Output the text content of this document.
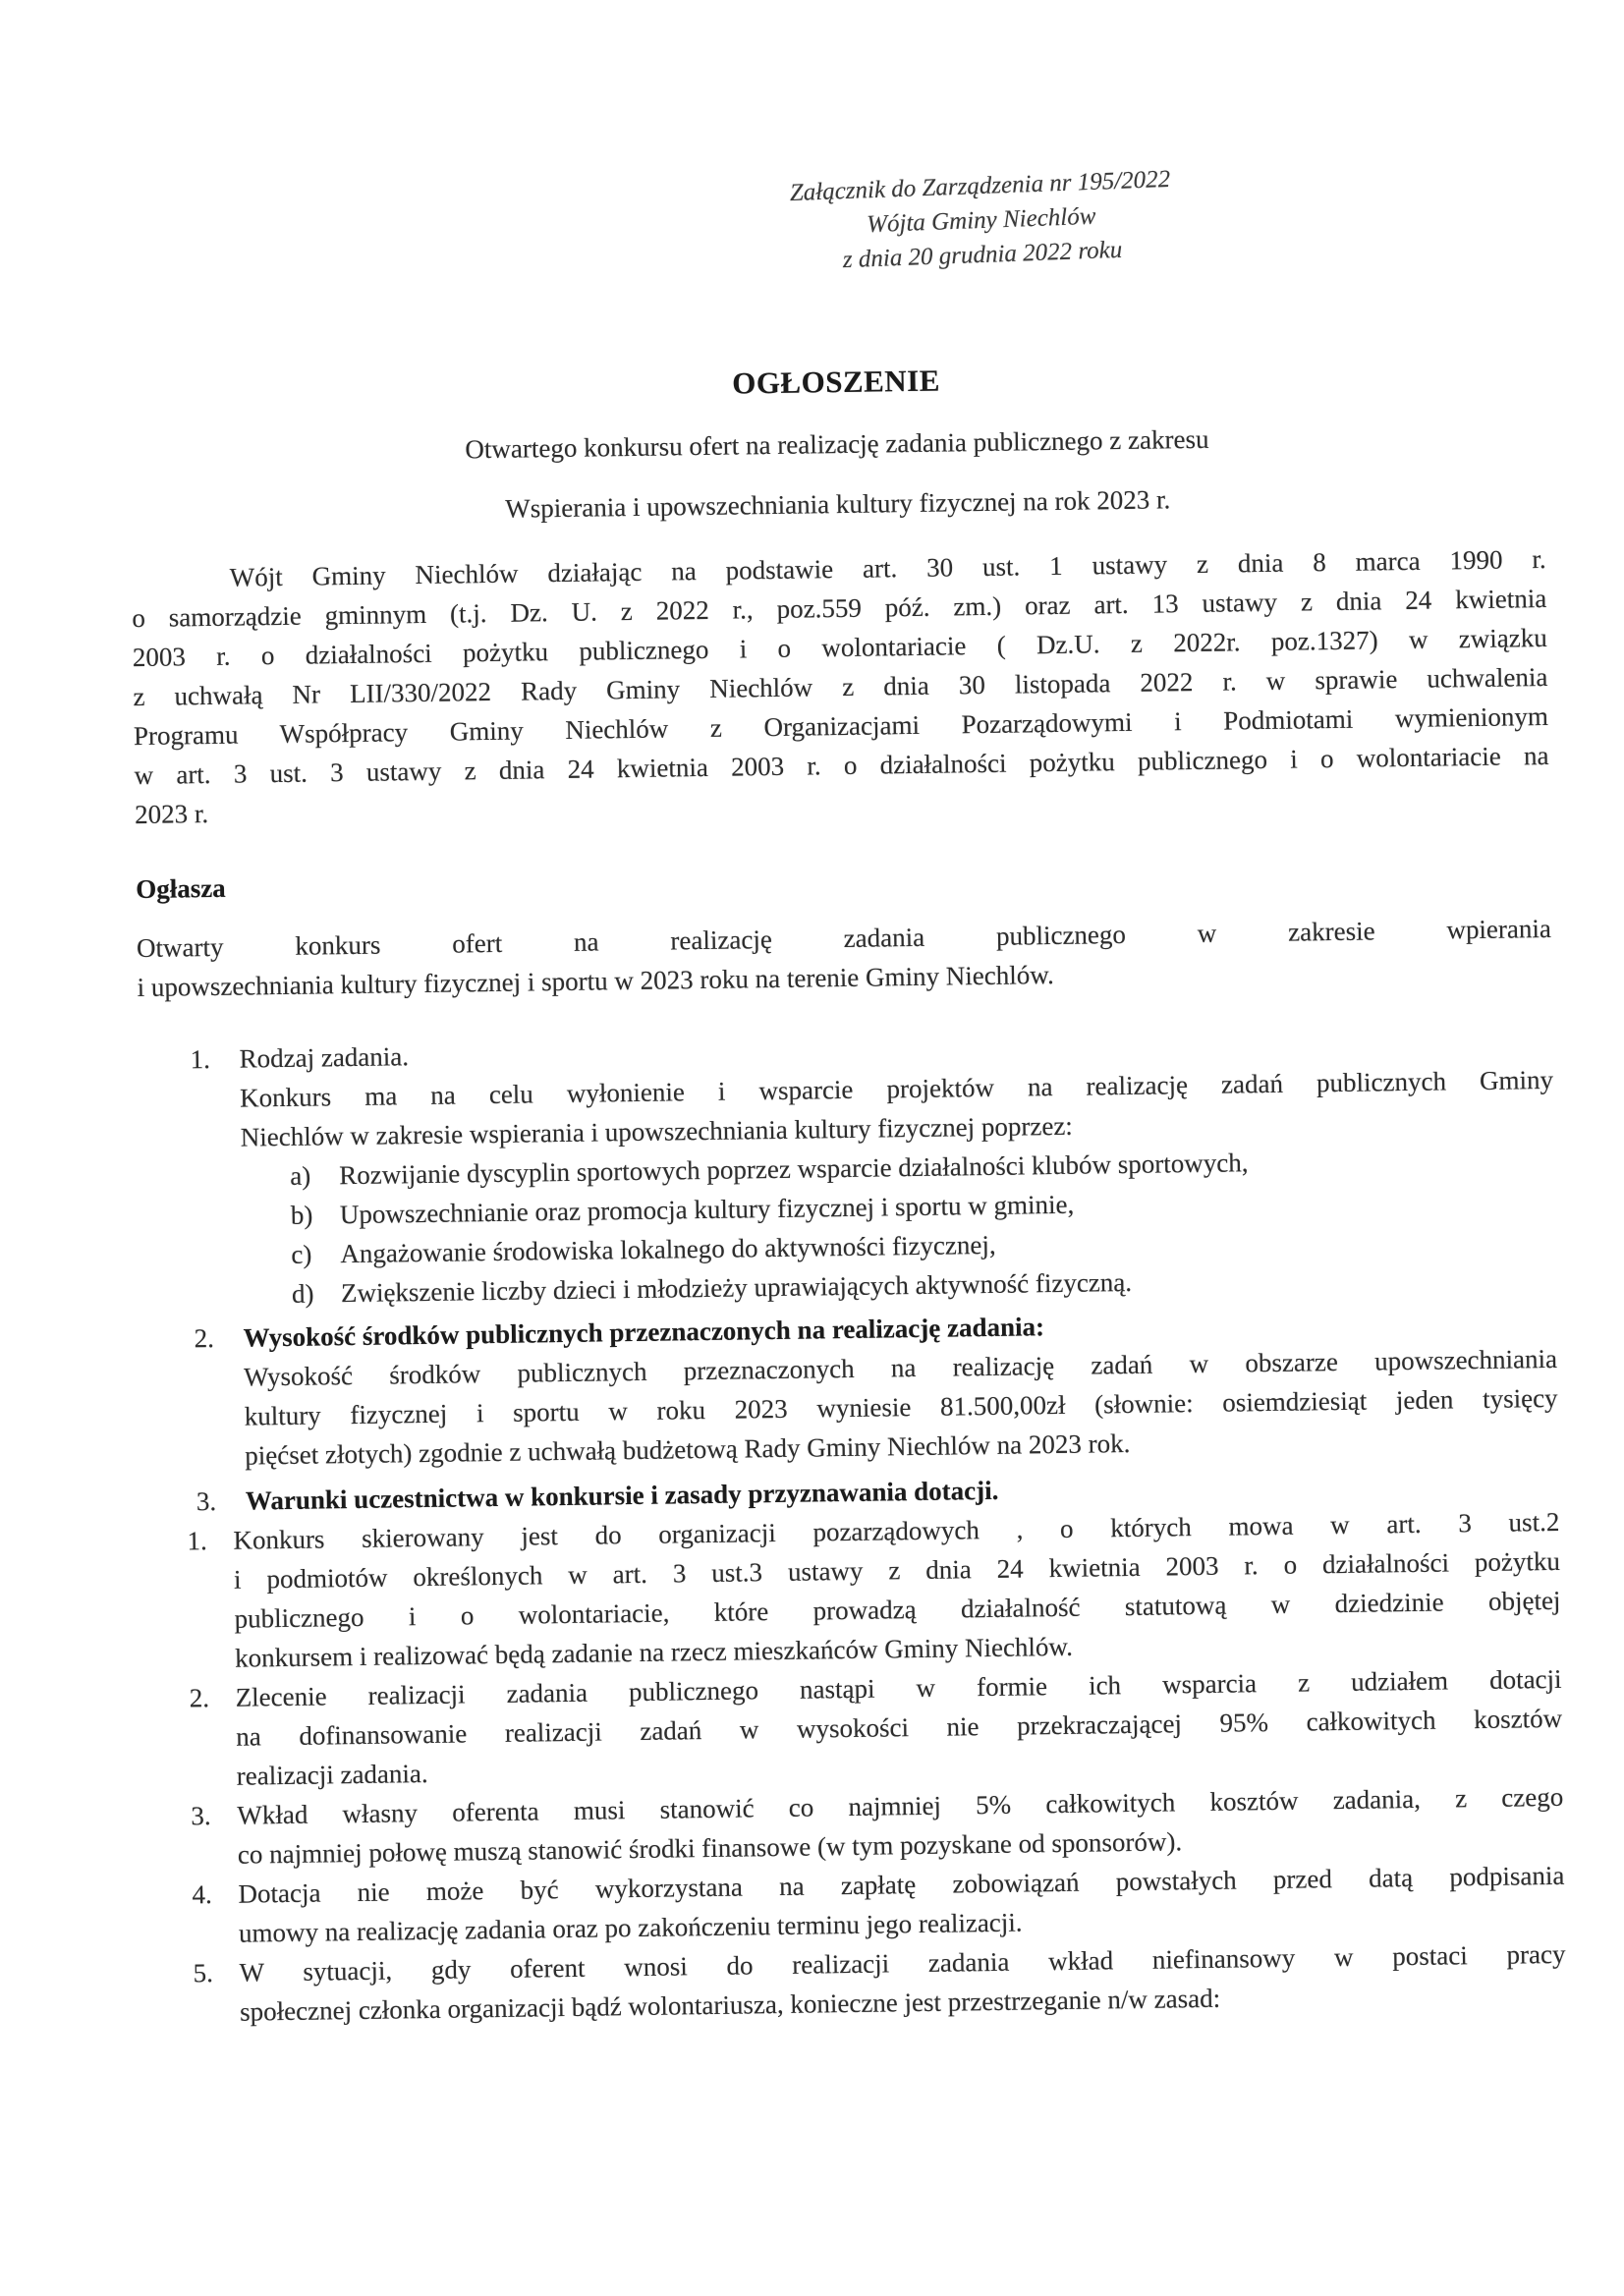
Załącznik do Zarządzenia nr 195/2022
Wójta Gminy Niechlów
z dnia 20 grudnia 2022 roku
OGŁOSZENIE
Otwartego konkursu ofert na realizację zadania publicznego z zakresu
Wspierania i upowszechniania kultury fizycznej na rok 2023 r.
Wójt Gminy Niechlów działając na podstawie art. 30 ust. 1 ustawy z dnia 8 marca 1990 r.
o samorządzie gminnym (t.j. Dz. U. z 2022 r., poz.559 póź. zm.) oraz art. 13 ustawy z dnia 24 kwietnia
2003 r. o działalności pożytku publicznego i o wolontariacie ( Dz.U. z 2022r. poz.1327) w związku
z uchwałą Nr LII/330/2022 Rady Gminy Niechlów z dnia 30 listopada 2022 r. w sprawie uchwalenia
Programu Współpracy Gminy Niechlów z Organizacjami Pozarządowymi i Podmiotami wymienionym
w art. 3 ust. 3 ustawy z dnia 24 kwietnia 2003 r. o działalności pożytku publicznego i o wolontariacie na
2023 r.
Ogłasza
Otwarty konkurs ofert na realizację zadania publicznego w zakresie wpierania
i upowszechniania kultury fizycznej i sportu w 2023 roku na terenie Gminy Niechlów.
1. Rodzaj zadania.
Konkurs ma na celu wyłonienie i wsparcie projektów na realizację zadań publicznych Gminy
Niechlów w zakresie wspierania i upowszechniania kultury fizycznej poprzez:
a) Rozwijanie dyscyplin sportowych poprzez wsparcie działalności klubów sportowych,
b) Upowszechnianie oraz promocja kultury fizycznej i sportu w gminie,
c) Angażowanie środowiska lokalnego do aktywności fizycznej,
d) Zwiększenie liczby dzieci i młodzieży uprawiających aktywność fizyczną.
2. Wysokość środków publicznych przeznaczonych na realizację zadania:
Wysokość środków publicznych przeznaczonych na realizację zadań w obszarze upowszechniania
kultury fizycznej i sportu w roku 2023 wyniesie 81.500,00zł (słownie: osiemdziesiąt jeden tysięcy
pięćset złotych) zgodnie z uchwałą budżetową Rady Gminy Niechlów na 2023 rok.
3. Warunki uczestnictwa w konkursie i zasady przyznawania dotacji.
1. Konkurs skierowany jest do organizacji pozarządowych , o których mowa w art. 3 ust.2
i podmiotów określonych w art. 3 ust.3 ustawy z dnia 24 kwietnia 2003 r. o działalności pożytku
publicznego i o wolontariacie, które prowadzą działalność statutową w dziedzinie objętej
konkursem i realizować będą zadanie na rzecz mieszkańców Gminy Niechlów.
2. Zlecenie realizacji zadania publicznego nastąpi w formie ich wsparcia z udziałem dotacji
na dofinansowanie realizacji zadań w wysokości nie przekraczającej 95% całkowitych kosztów
realizacji zadania.
3. Wkład własny oferenta musi stanowić co najmniej 5% całkowitych kosztów zadania, z czego
co najmniej połowę muszą stanowić środki finansowe (w tym pozyskane od sponsorów).
4. Dotacja nie może być wykorzystana na zapłatę zobowiązań powstałych przed datą podpisania
umowy na realizację zadania oraz po zakończeniu terminu jego realizacji.
5. W sytuacji, gdy oferent wnosi do realizacji zadania wkład niefinansowy w postaci pracy
społecznej członka organizacji bądź wolontariusza, konieczne jest przestrzeganie n/w zasad:
